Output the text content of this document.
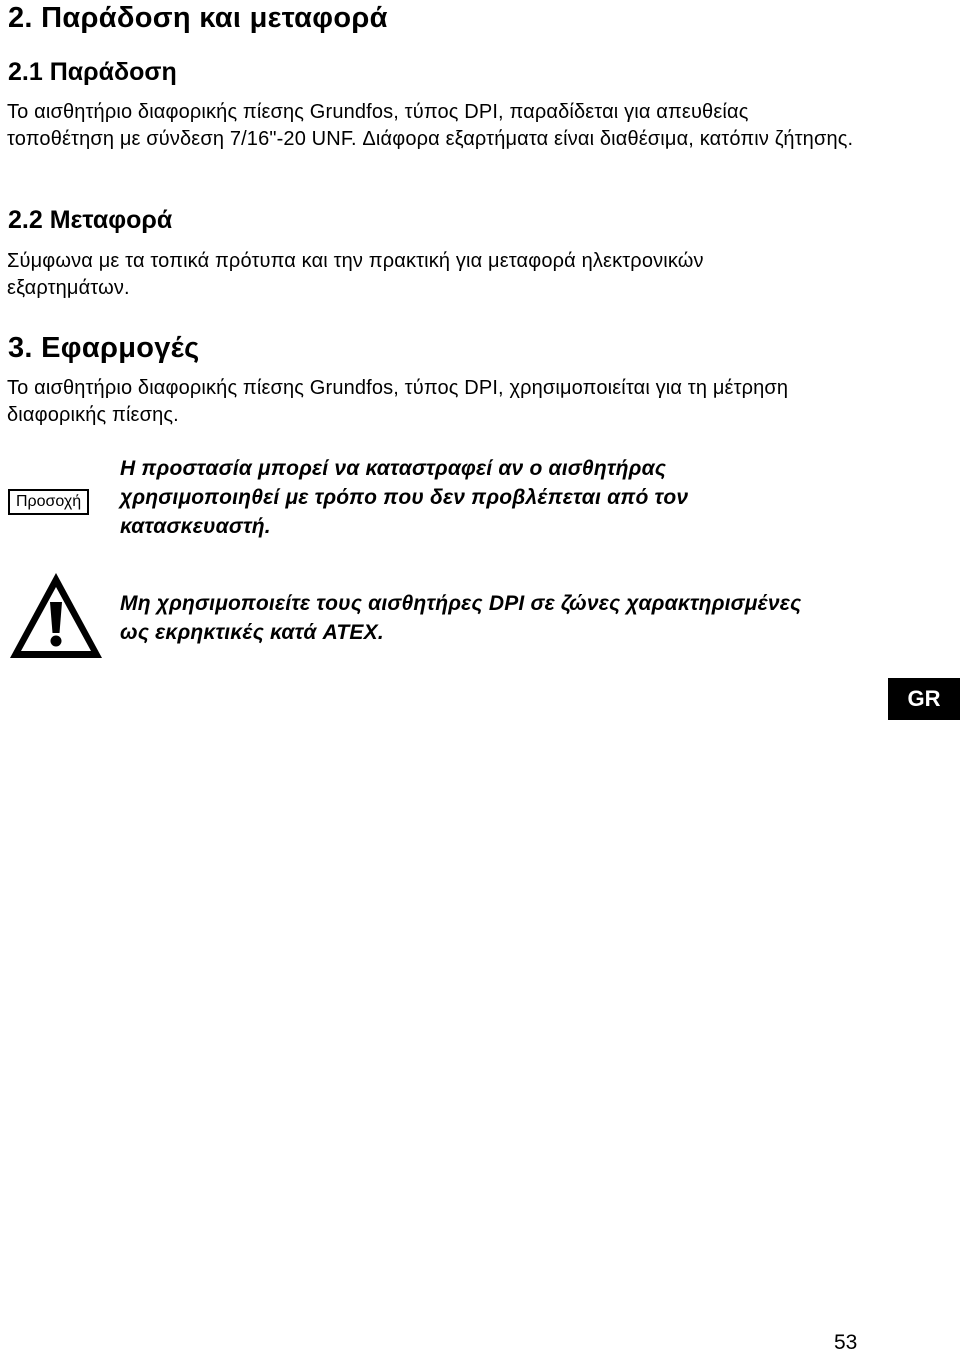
2. Παράδοση και μεταφορά
2.1 Παράδοση
Το αισθητήριο διαφορικής πίεσης Grundfos, τύπος DPI, παραδίδεται για απευθείας τοποθέτηση με σύνδεση 7/16"-20 UNF. Διάφορα εξαρτήματα είναι διαθέσιμα, κατόπιν ζήτησης.
2.2 Μεταφορά
Σύμφωνα με τα τοπικά πρότυπα και την πρακτική για μεταφορά ηλεκτρονικών εξαρτημάτων.
3. Εφαρμογές
Το αισθητήριο διαφορικής πίεσης Grundfos, τύπος DPI, χρησιμοποιείται για τη μέτρηση διαφορικής πίεσης.
Προσοχή
Η προστασία μπορεί να καταστραφεί αν ο αισθητήρας χρησιμοποιηθεί με τρόπο που δεν προβλέπεται από τον κατασκευαστή.
Μη χρησιμοποιείτε τους αισθητήρες DPI σε ζώνες χαρακτηρισμένες ως εκρηκτικές κατά ATEX.
GR
53
